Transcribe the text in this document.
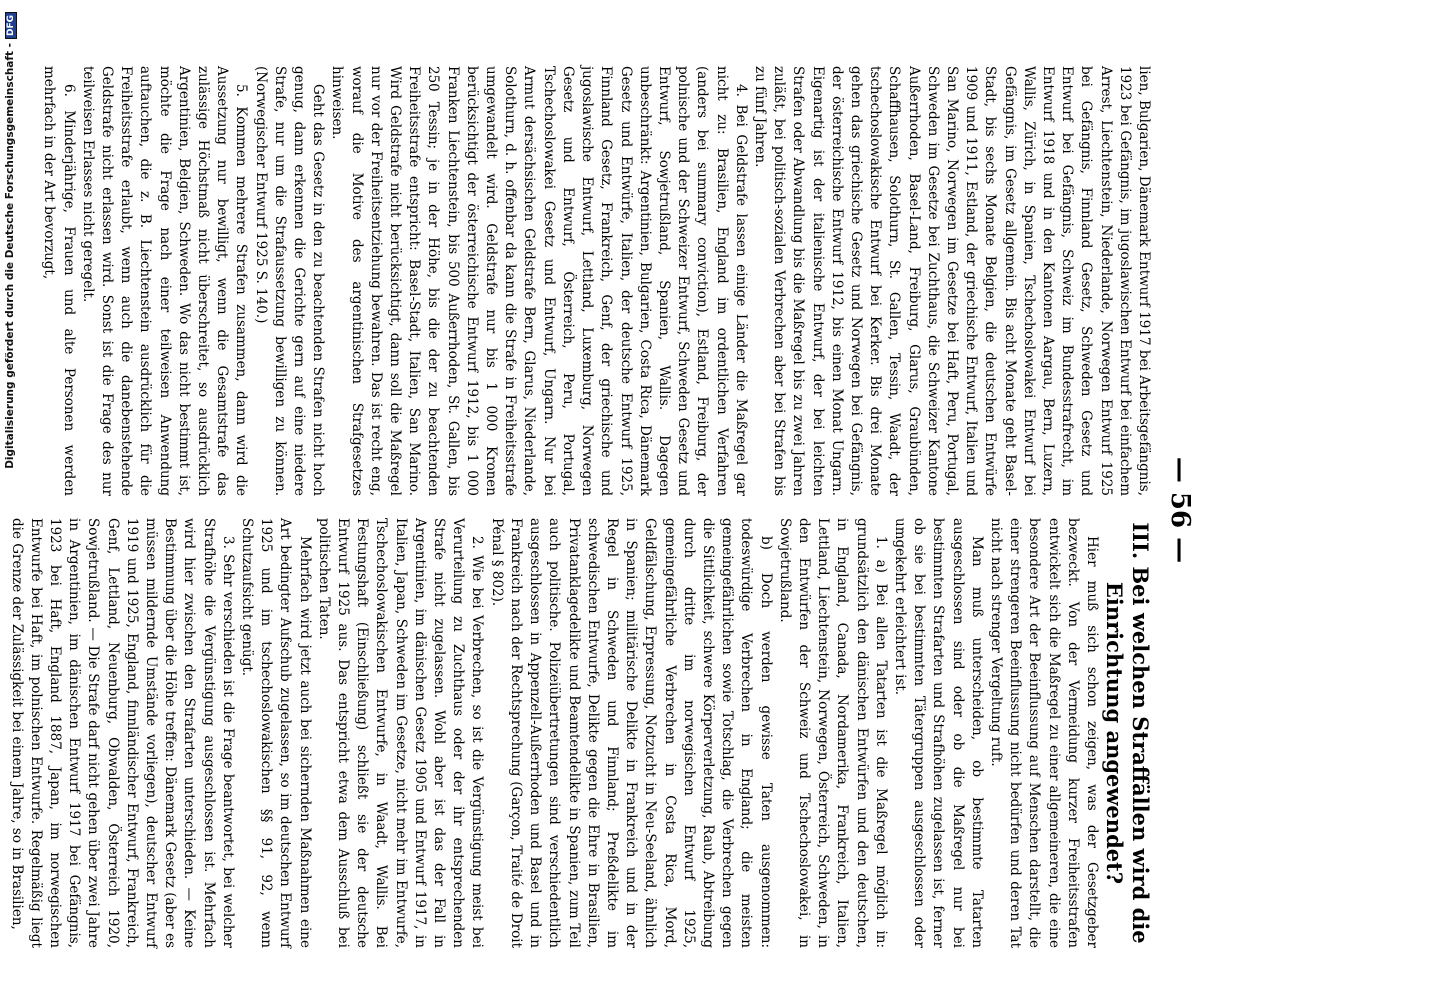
— 56 —

III. Bei welchen Straffällen wird die Einrichtung angewendet?

Hier muß sich schon zeigen, was der Gesetzgeber bezweckt. Von der Vermeidung kurzer Freiheitsstrafen entwickelt sich die Maßregel zu einer allgemeineren, die eine besondere Art der Beeinflussung auf Menschen darstellt, die einer strengeren Beeinflussung nicht bedürfen und deren Tat nicht nach strenger Vergeltung ruft.

Man muß unterscheiden, ob bestimmte Tatarten ausgeschlossen sind oder ob die Maßregel nur bei bestimmten Strafarten und Strafhöhen zugelassen ist, ferner ob sie bei bestimmten Tätergruppen ausgeschlossen oder umgekehrt erleichtert ist.

1. a) Bei allen Tatarten ist die Maßregel möglich in: grundsätzlich den dänischen Entwürfen und den deutschen, in England, Canada, Nordamerika, Frankreich, Italien, Lettland, Liechtenstein, Norwegen, Österreich, Schweden, in den Entwürfen der Schweiz und Tschechoslowakei, in Sowjetrußland.

b) Doch werden gewisse Taten ausgenommen: todeswürdige Verbrechen in England; die meisten gemeingefährlichen sowie Totschlag, die Verbrechen gegen die Sittlichkeit, schwere Körperverletzung, Raub, Abtreibung durch dritte im norwegischen Entwurf 1925, gemeingefährliche Verbrechen in Costa Rica, Mord, Geldfälschung, Erpressung, Notzucht in Neu-Seeland, ähnlich in Spanien; militärische Delikte in Frankreich und in der Regel in Schweden und Finnland; Preßdelikte im schwedischen Entwurfe, Delikte gegen die Ehre in Brasilien, Privatanklagedelikte und Beamtendelikte in Spanien, zum Teil auch politische. Polizeiübertretungen sind verschiedentlich ausgeschlossen in Appenzell-Außerrhoden und Basel und in Frankreich nach der Rechtsprechung (Garçon, Traité de Droit Pénal § 802).

2. Wie bei Verbrechen, so ist die Vergünstigung meist bei Verurteilung zu Zuchthaus oder der ihr entsprechenden Strafe nicht zugelassen. Wohl aber ist das der Fall in Argentinien, im dänischen Gesetz 1905 und Entwurf 1917, in Italien, Japan, Schweden im Gesetze, nicht mehr im Entwurfe, Tschechoslowakischen Entwurfe, in Waadt, Wallis. Bei Festungshaft (Einschließung) schließt sie der deutsche Entwurf 1925 aus. Das entspricht etwa dem Ausschluß bei politischen Taten.

Mehrfach wird jetzt auch bei sichernden Maßnahmen eine Art bedingter Aufschub zugelassen, so im deutschen Entwurf 1925 und im tschechoslowakischen §§ 91, 92, wenn Schutzaufsicht genügt.

3. Sehr verschieden ist die Frage beantwortet, bei welcher Strafhöhe die Vergünstigung ausgeschlossen ist. Mehrfach wird hier zwischen den Strafarten unterschieden. — Keine Bestimmung über die Höhe treffen: Dänemark Gesetz (aber es müssen mildernde Umstände vorliegen), deutscher Entwurf 1919 und 1925, England, finnländischer Entwurf, Frankreich, Genf, Lettland, Neuenburg, Obwalden, Österreich 1920, Sowjetrußland. — Die Strafe darf nicht gehen über zwei Jahre in Argentinien, im dänischen Entwurf 1917 bei Gefängnis, 1923 bei Haft, England 1887, Japan, im norwegischen Entwurfe bei Haft, im polnischen Entwurfe. Regelmäßig liegt die Grenze der Zulässigkeit bei einem Jahre, so in Brasilien,

lien, Bulgarien, Dänemark Entwurf 1917 bei Arbeitsgefängnis, 1923 bei Gefängnis, im jugoslawischen Entwurf bei einfachem Arrest, Liechtenstein, Niederlande, Norwegen Entwurf 1925 bei Gefängnis, Finnland Gesetz, Schweden Gesetz und Entwurf bei Gefängnis, Schweiz im Bundesstrafrecht, im Entwurf 1918 und in den Kantonen Aargau, Bern, Luzern, Wallis, Zürich, in Spanien, Tschechoslowakei Entwurf bei Gefängnis, im Gesetz allgemein. Bis acht Monate geht Basel-Stadt, bis sechs Monate Belgien, die deutschen Entwürfe 1909 und 1911, Estland, der griechische Entwurf, Italien und San Marino, Norwegen im Gesetze bei Haft, Peru, Portugal, Schweden im Gesetze bei Zuchthaus, die Schweizer Kantone Außerrhoden, Basel-Land, Freiburg, Glarus, Graubünden, Schaffhausen, Solothurn, St. Gallen, Tessin, Waadt, der tschechoslowakische Entwurf bei Kerker. Bis drei Monate gehen das griechische Gesetz und Norwegen bei Gefängnis, der österreichische Entwurf 1912, bis einen Monat Ungarn. Eigenartig ist der italienische Entwurf, der bei leichten Strafen oder Abwandlung bis die Maßregel bis zu zwei Jahren zuläßt, bei politisch-sozialen Verbrechen aber bei Strafen bis zu fünf Jahren.

4. Bei Geldstrafe lassen einige Länder die Maßregel gar nicht zu: Brasilien, England im ordentlichen Verfahren (anders bei summary conviction), Estland, Freiburg, der polnische und der Schweizer Entwurf, Schweden Gesetz und Entwurf, Sowjetrußland, Spanien, Wallis. Dagegen unbeschränkt: Argentinien, Bulgarien, Costa Rica, Dänemark Gesetz und Entwürfe, Italien, der deutsche Entwurf 1925, Finnland Gesetz, Frankreich, Genf, der griechische und jugoslawische Entwurf, Lettland, Luxemburg, Norwegen Gesetz und Entwurf, Österreich, Peru, Portugal, Tschechoslowakei Gesetz und Entwurf, Ungarn. Nur bei Armut dersächsischen Geldstrafe Bern, Glarus, Niederlande, Solothurn, d. h. offenbar da kann die Strafe in Freiheitsstrafe umgewandelt wird. Geldstrafe nur bis 1 000 Kronen berücksichtigt der österreichische Entwurf 1912, bis 1 000 Franken Liechtenstein, bis 500 Außerrhoden, St. Gallen, bis 250 Tessin; je in der Höhe, bis die der zu beachtenden Freiheitsstrafe entspricht: Basel-Stadt, Italien, San Marino. Wird Geldstrafe nicht berücksichtigt, dann soll die Maßregel nur vor der Freiheitsentziehung bewahren. Das ist recht eng, worauf die Motive des argentinischen Strafgesetzes hinweisen.

Geht das Gesetz in den zu beachtenden Strafen nicht hoch genug, dann erkennen die Gerichte gern auf eine niedere Strafe, nur um die Strafaussetzung bewilligen zu können. (Norwegischer Entwurf 1925 S. 140.)

5. Kommen mehrere Strafen zusammen, dann wird die Aussetzung nur bewilligt, wenn die Gesamtstrafe das zulässige Höchstmaß nicht überschreitet, so ausdrücklich Argentinien, Belgien, Schweden. Wo das nicht bestimmt ist, möchte die Frage nach einer teilweisen Anwendung auftauchen, die z. B. Liechtenstein ausdrücklich für die Freiheitsstrafe erlaubt, wenn auch die danebenstehende Geldstrafe nicht erlassen wird. Sonst ist die Frage des nur teilweisen Erlasses nicht geregelt.

6. Minderjährige, Frauen und alte Personen werden mehrfach in der Art bevorzugt,

Digitalisierung gefördert durch die Deutsche Forschungsgemeinschaft -DFG
